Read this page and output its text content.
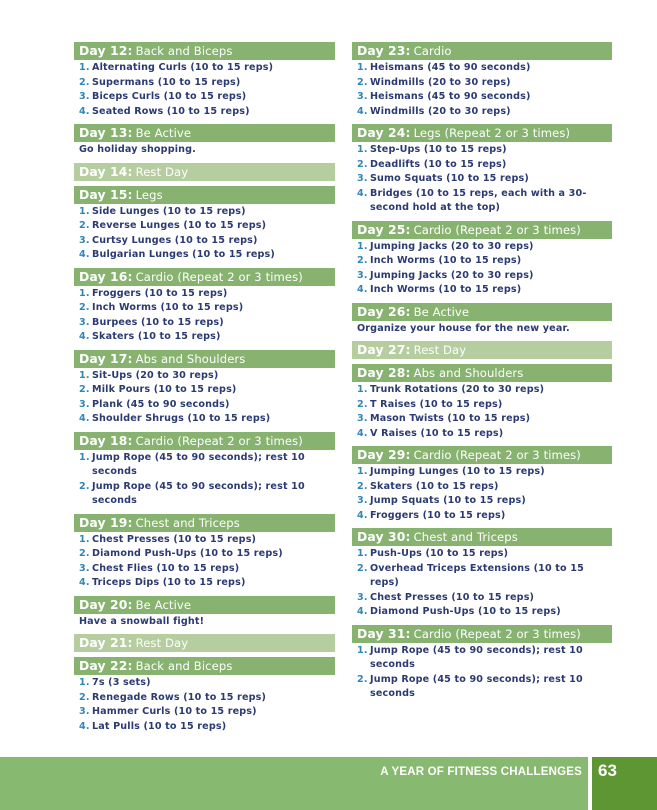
Day 12: Back and Biceps
1. Alternating Curls (10 to 15 reps)
2. Supermans (10 to 15 reps)
3. Biceps Curls (10 to 15 reps)
4. Seated Rows (10 to 15 reps)
Day 13: Be Active
Go holiday shopping.
Day 14: Rest Day
Day 15: Legs
1. Side Lunges (10 to 15 reps)
2. Reverse Lunges (10 to 15 reps)
3. Curtsy Lunges (10 to 15 reps)
4. Bulgarian Lunges (10 to 15 reps)
Day 16: Cardio (Repeat 2 or 3 times)
1. Froggers (10 to 15 reps)
2. Inch Worms (10 to 15 reps)
3. Burpees (10 to 15 reps)
4. Skaters (10 to 15 reps)
Day 17: Abs and Shoulders
1. Sit-Ups (20 to 30 reps)
2. Milk Pours (10 to 15 reps)
3. Plank (45 to 90 seconds)
4. Shoulder Shrugs (10 to 15 reps)
Day 18: Cardio (Repeat 2 or 3 times)
1. Jump Rope (45 to 90 seconds); rest 10 seconds
2. Jump Rope (45 to 90 seconds); rest 10 seconds
Day 19: Chest and Triceps
1. Chest Presses (10 to 15 reps)
2. Diamond Push-Ups (10 to 15 reps)
3. Chest Flies (10 to 15 reps)
4. Triceps Dips (10 to 15 reps)
Day 20: Be Active
Have a snowball fight!
Day 21: Rest Day
Day 22: Back and Biceps
1. 7s (3 sets)
2. Renegade Rows (10 to 15 reps)
3. Hammer Curls (10 to 15 reps)
4. Lat Pulls (10 to 15 reps)
Day 23: Cardio
1. Heismans (45 to 90 seconds)
2. Windmills (20 to 30 reps)
3. Heismans (45 to 90 seconds)
4. Windmills (20 to 30 reps)
Day 24: Legs (Repeat 2 or 3 times)
1. Step-Ups (10 to 15 reps)
2. Deadlifts (10 to 15 reps)
3. Sumo Squats (10 to 15 reps)
4. Bridges (10 to 15 reps, each with a 30-second hold at the top)
Day 25: Cardio (Repeat 2 or 3 times)
1. Jumping Jacks (20 to 30 reps)
2. Inch Worms (10 to 15 reps)
3. Jumping Jacks (20 to 30 reps)
4. Inch Worms (10 to 15 reps)
Day 26: Be Active
Organize your house for the new year.
Day 27: Rest Day
Day 28: Abs and Shoulders
1. Trunk Rotations (20 to 30 reps)
2. T Raises (10 to 15 reps)
3. Mason Twists (10 to 15 reps)
4. V Raises (10 to 15 reps)
Day 29: Cardio (Repeat 2 or 3 times)
1. Jumping Lunges (10 to 15 reps)
2. Skaters (10 to 15 reps)
3. Jump Squats (10 to 15 reps)
4. Froggers (10 to 15 reps)
Day 30: Chest and Triceps
1. Push-Ups (10 to 15 reps)
2. Overhead Triceps Extensions (10 to 15 reps)
3. Chest Presses (10 to 15 reps)
4. Diamond Push-Ups (10 to 15 reps)
Day 31: Cardio (Repeat 2 or 3 times)
1. Jump Rope (45 to 90 seconds); rest 10 seconds
2. Jump Rope (45 to 90 seconds); rest 10 seconds
A YEAR OF FITNESS CHALLENGES 63
